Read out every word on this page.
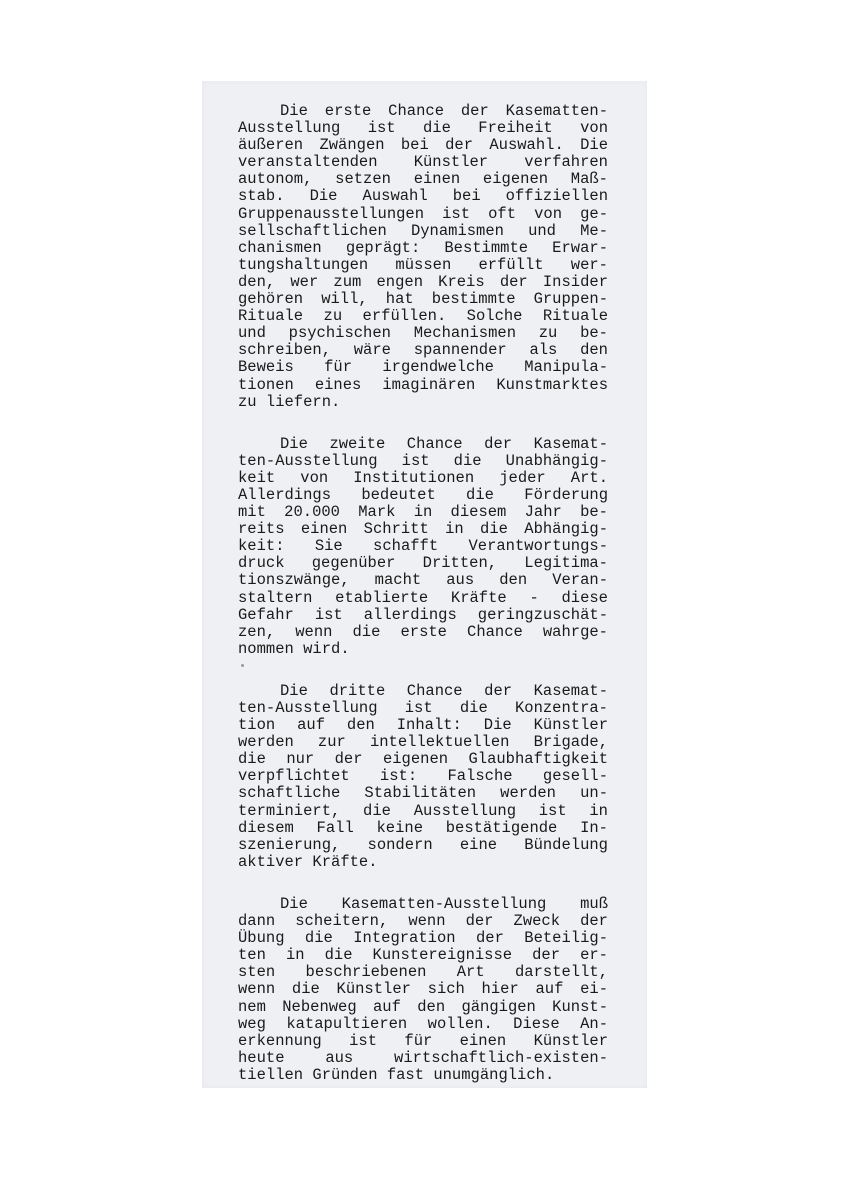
Die erste Chance der Kasematten-
Ausstellung ist die Freiheit von
äußeren Zwängen bei der Auswahl. Die
veranstaltenden Künstler verfahren
autonom, setzen einen eigenen Maß-
stab. Die Auswahl bei offiziellen
Gruppenausstellungen ist oft von ge-
sellschaftlichen Dynamismen und Me-
chanismen geprägt: Bestimmte Erwar-
tungshaltungen müssen erfüllt wer-
den, wer zum engen Kreis der Insider
gehören will, hat bestimmte Gruppen-
Rituale zu erfüllen. Solche Rituale
und psychischen Mechanismen zu be-
schreiben, wäre spannender als den
Beweis für irgendwelche Manipula-
tionen eines imaginären Kunstmarktes
zu liefern.
Die zweite Chance der Kasemat-
ten-Ausstellung ist die Unabhängig-
keit von Institutionen jeder Art.
Allerdings bedeutet die Förderung
mit 20.000 Mark in diesem Jahr be-
reits einen Schritt in die Abhängig-
keit: Sie schafft Verantwortungs-
druck gegenüber Dritten, Legitima-
tionszwänge, macht aus den Veran-
staltern etablierte Kräfte - diese
Gefahr ist allerdings geringzuschät-
zen, wenn die erste Chance wahrge-
nommen wird.
Die dritte Chance der Kasemat-
ten-Ausstellung ist die Konzentra-
tion auf den Inhalt: Die Künstler
werden zur intellektuellen Brigade,
die nur der eigenen Glaubhaftigkeit
verpflichtet ist: Falsche gesell-
schaftliche Stabilitäten werden un-
terminiert, die Ausstellung ist in
diesem Fall keine bestätigende In-
szenierung, sondern eine Bündelung
aktiver Kräfte.
Die Kasematten-Ausstellung muß
dann scheitern, wenn der Zweck der
Übung die Integration der Beteilig-
ten in die Kunstereignisse der er-
sten beschriebenen Art darstellt,
wenn die Künstler sich hier auf ei-
nem Nebenweg auf den gängigen Kunst-
weg katapultieren wollen. Diese An-
erkennung ist für einen Künstler
heute aus wirtschaftlich-existen-
tiellen Gründen fast unumgänglich.
